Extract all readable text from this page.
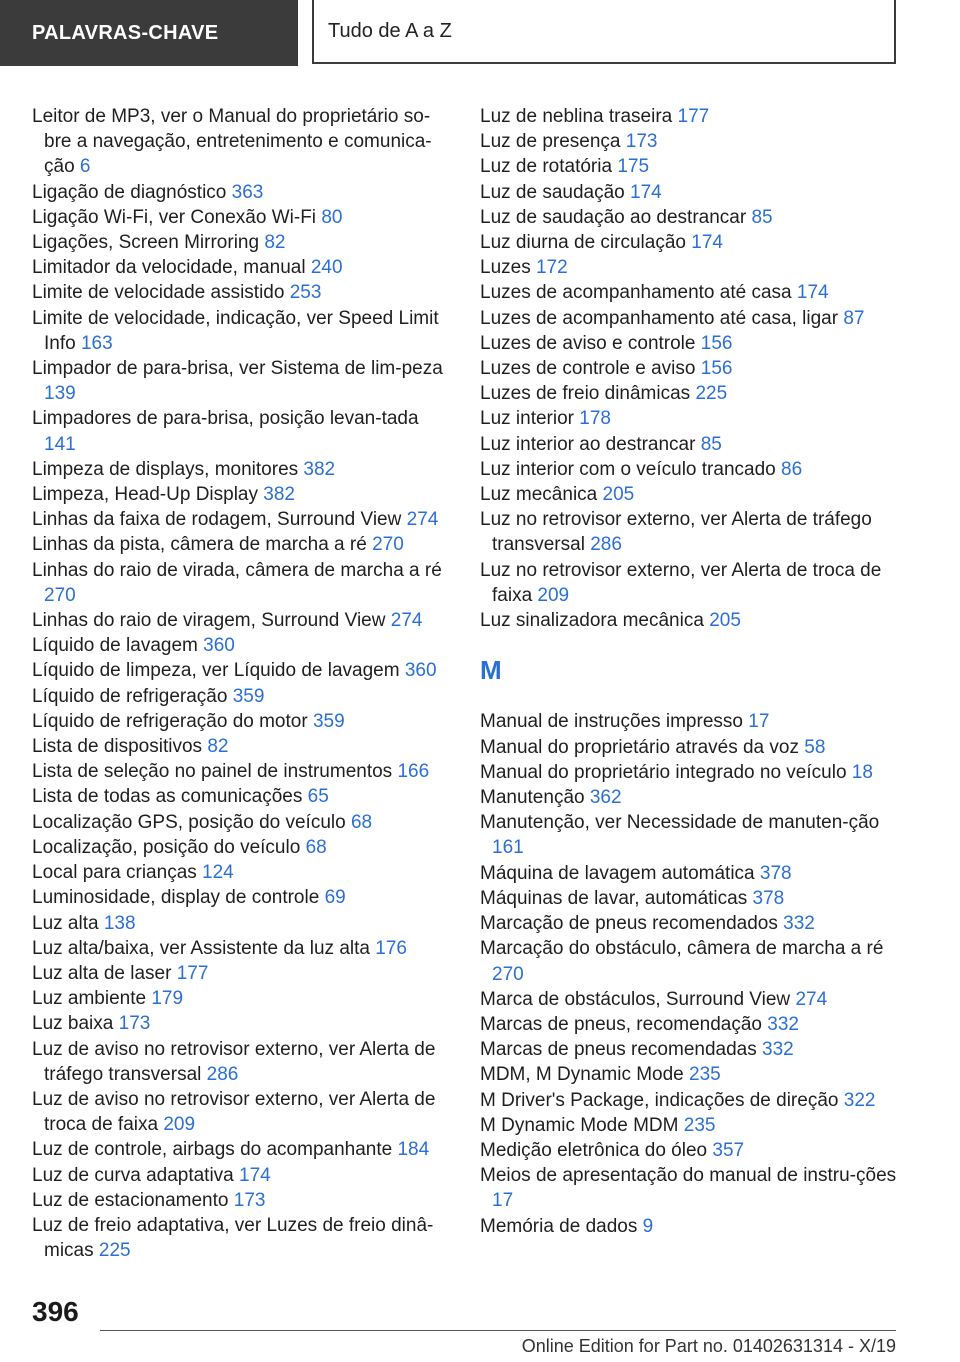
PALAVRAS-CHAVE	Tudo de A a Z
Leitor de MP3, ver o Manual do proprietário so-bre a navegação, entretenimento e comunica-ção 6
Ligação de diagnóstico 363
Ligação Wi-Fi, ver Conexão Wi-Fi 80
Ligações, Screen Mirroring 82
Limitador da velocidade, manual 240
Limite de velocidade assistido 253
Limite de velocidade, indicação, ver Speed Limit Info 163
Limpador de para-brisa, ver Sistema de lim-peza 139
Limpadores de para-brisa, posição levan-tada 141
Limpeza de displays, monitores 382
Limpeza, Head-Up Display 382
Linhas da faixa de rodagem, Surround View 274
Linhas da pista, câmera de marcha a ré 270
Linhas do raio de virada, câmera de marcha a ré 270
Linhas do raio de viragem, Surround View 274
Líquido de lavagem 360
Líquido de limpeza, ver Líquido de lavagem 360
Líquido de refrigeração 359
Líquido de refrigeração do motor 359
Lista de dispositivos 82
Lista de seleção no painel de instrumentos 166
Lista de todas as comunicações 65
Localização GPS, posição do veículo 68
Localização, posição do veículo 68
Local para crianças 124
Luminosidade, display de controle 69
Luz alta 138
Luz alta/baixa, ver Assistente da luz alta 176
Luz alta de laser 177
Luz ambiente 179
Luz baixa 173
Luz de aviso no retrovisor externo, ver Alerta de tráfego transversal 286
Luz de aviso no retrovisor externo, ver Alerta de troca de faixa 209
Luz de controle, airbags do acompanhante 184
Luz de curva adaptativa 174
Luz de estacionamento 173
Luz de freio adaptativa, ver Luzes de freio dinâ-micas 225
Luz de neblina traseira 177
Luz de presença 173
Luz de rotatória 175
Luz de saudação 174
Luz de saudação ao destrancar 85
Luz diurna de circulação 174
Luzes 172
Luzes de acompanhamento até casa 174
Luzes de acompanhamento até casa, ligar 87
Luzes de aviso e controle 156
Luzes de controle e aviso 156
Luzes de freio dinâmicas 225
Luz interior 178
Luz interior ao destrancar 85
Luz interior com o veículo trancado 86
Luz mecânica 205
Luz no retrovisor externo, ver Alerta de tráfego transversal 286
Luz no retrovisor externo, ver Alerta de troca de faixa 209
Luz sinalizadora mecânica 205
M
Manual de instruções impresso 17
Manual do proprietário através da voz 58
Manual do proprietário integrado no veículo 18
Manutenção 362
Manutenção, ver Necessidade de manuten-ção 161
Máquina de lavagem automática 378
Máquinas de lavar, automáticas 378
Marcação de pneus recomendados 332
Marcação do obstáculo, câmera de marcha a ré 270
Marca de obstáculos, Surround View 274
Marcas de pneus, recomendação 332
Marcas de pneus recomendadas 332
MDM, M Dynamic Mode 235
M Driver's Package, indicações de direção 322
M Dynamic Mode MDM 235
Medição eletrônica do óleo 357
Meios de apresentação do manual de instru-ções 17
Memória de dados 9
396
Online Edition for Part no. 01402631314 - X/19
